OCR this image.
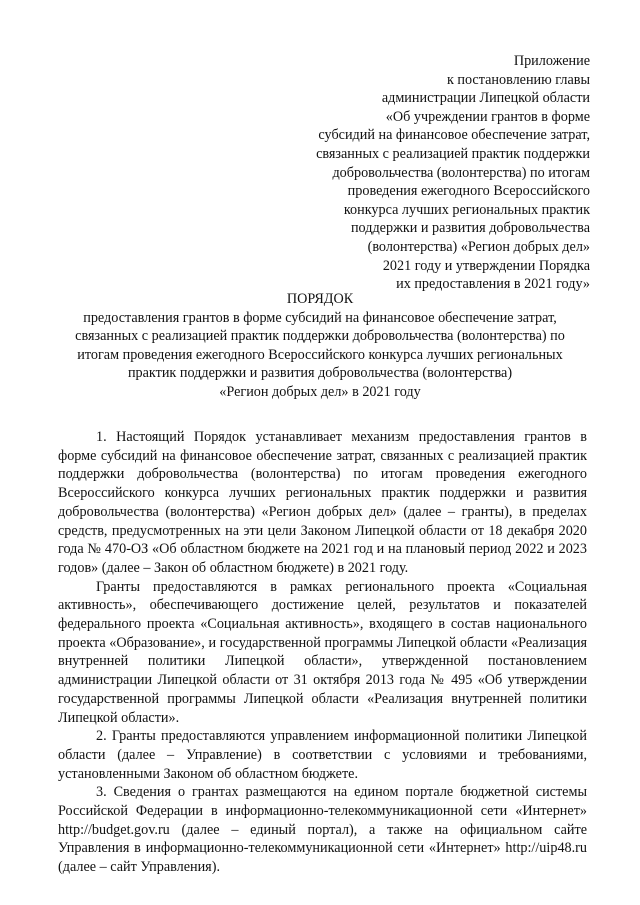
Приложение
к постановлению главы
администрации Липецкой области
«Об учреждении грантов в форме
субсидий на финансовое обеспечение затрат,
связанных с реализацией практик поддержки
добровольчества (волонтерства) по итогам
проведения ежегодного Всероссийского
конкурса лучших региональных практик
поддержки и развития добровольчества
(волонтерства) «Регион добрых дел»
2021 году и утверждении Порядка
их предоставления в 2021 году»
ПОРЯДОК
предоставления грантов в форме субсидий на финансовое обеспечение затрат,
связанных с реализацией практик поддержки добровольчества (волонтерства) по
итогам проведения ежегодного Всероссийского конкурса лучших региональных
практик поддержки и развития добровольчества (волонтерства)
«Регион добрых дел» в 2021 году

1. Настоящий Порядок устанавливает механизм предоставления грантов в форме субсидий на финансовое обеспечение затрат, связанных с реализацией практик поддержки добровольчества (волонтерства) по итогам проведения ежегодного Всероссийского конкурса лучших региональных практик поддержки и развития добровольчества (волонтерства) «Регион добрых дел» (далее – гранты), в пределах средств, предусмотренных на эти цели Законом Липецкой области от 18 декабря 2020 года № 470-ОЗ «Об областном бюджете на 2021 год и на плановый период 2022 и 2023 годов» (далее – Закон об областном бюджете) в 2021 году.

Гранты предоставляются в рамках регионального проекта «Социальная активность», обеспечивающего достижение целей, результатов и показателей федерального проекта «Социальная активность», входящего в состав национального проекта «Образование», и государственной программы Липецкой области «Реализация внутренней политики Липецкой области», утвержденной постановлением администрации Липецкой области от 31 октября 2013 года № 495 «Об утверждении государственной программы Липецкой области «Реализация внутренней политики Липецкой области».

2. Гранты предоставляются управлением информационной политики Липецкой области (далее – Управление) в соответствии с условиями и требованиями, установленными Законом об областном бюджете.

3. Сведения о грантах размещаются на едином портале бюджетной системы Российской Федерации в информационно-телекоммуникационной сети «Интернет» http://budget.gov.ru (далее – единый портал), а также на официальном сайте Управления в информационно-телекоммуникационной сети «Интернет» http://uip48.ru (далее – сайт Управления).
